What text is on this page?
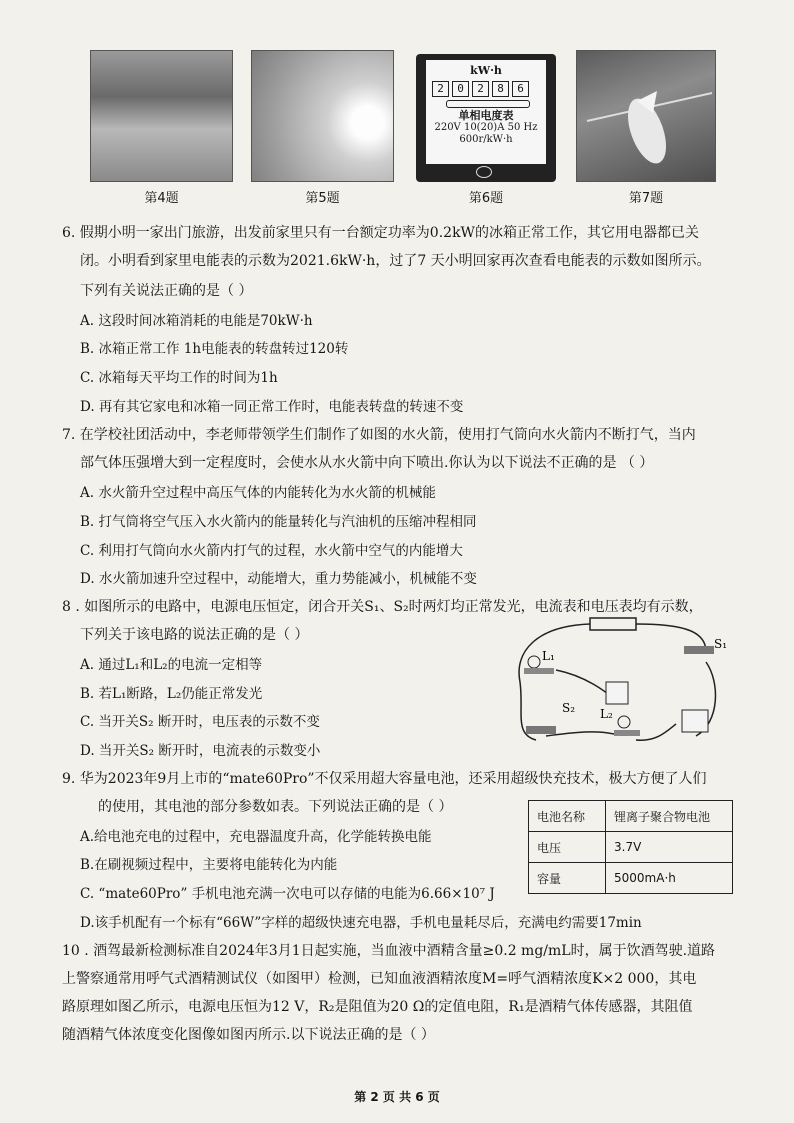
第4题	第5题	第6题
kW·h
2	0	2	8	6
单相电度表
220V 10(20)A 50 Hz
600r/kW·h
第7题
6. 假期小明一家出门旅游，出发前家里只有一台额定功率为0.2kW的冰箱正常工作，其它用电器都已关
闭。小明看到家里电能表的示数为2021.6kW·h，过了7 天小明回家再次查看电能表的示数如图所示。
下列有关说法正确的是（ ）
A. 这段时间冰箱消耗的电能是70kW·h
B. 冰箱正常工作 1h电能表的转盘转过120转
C. 冰箱每天平均工作的时间为1h
D. 再有其它家电和冰箱一同正常工作时，电能表转盘的转速不变
7. 在学校社团活动中，李老师带领学生们制作了如图的水火箭，使用打气筒向水火箭内不断打气，当内
部气体压强增大到一定程度时，会使水从水火箭中向下喷出.你认为以下说法不正确的是 （ ）
A. 水火箭升空过程中高压气体的内能转化为水火箭的机械能
B. 打气筒将空气压入水火箭内的能量转化与汽油机的压缩冲程相同
C. 利用打气筒向水火箭内打气的过程，水火箭中空气的内能增大
D. 水火箭加速升空过程中，动能增大，重力势能减小，机械能不变
8 . 如图所示的电路中，电源电压恒定，闭合开关S₁、S₂时两灯均正常发光，电流表和电压表均有示数，
下列关于该电路的说法正确的是（ ）
A. 通过L₁和L₂的电流一定相等
B. 若L₁断路，L₂仍能正常发光
C. 当开关S₂ 断开时，电压表的示数不变
D. 当开关S₂ 断开时，电流表的示数变小
S₁
L₁
S₂ L₂
9. 华为2023年9月上市的“mate60Pro”不仅采用超大容量电池，还采用超级快充技术，极大方便了人们
的使用，其电池的部分参数如表。下列说法正确的是（ ）
A.给电池充电的过程中，充电器温度升高，化学能转换电能
B.在刷视频过程中，主要将电能转化为内能
C. “mate60Pro” 手机电池充满一次电可以存储的电能为6.66×10⁷ J
D.该手机配有一个标有“66W”字样的超级快速充电器，手机电量耗尽后，充满电约需要17min
电池名称	锂离子聚合物电池
电压	3.7V
容量	5000mA·h
10 . 酒驾最新检测标准自2024年3月1日起实施，当血液中酒精含量≥0.2 mg/mL时，属于饮酒驾驶.道路
上警察通常用呼气式酒精测试仪（如图甲）检测，已知血液酒精浓度M=呼气酒精浓度K×2 000，其电
路原理如图乙所示，电源电压恒为12 V，R₂是阻值为20 Ω的定值电阻，R₁是酒精气体传感器，其阻值
随酒精气体浓度变化图像如图丙所示.以下说法正确的是（ ）
第 2 页 共 6 页
